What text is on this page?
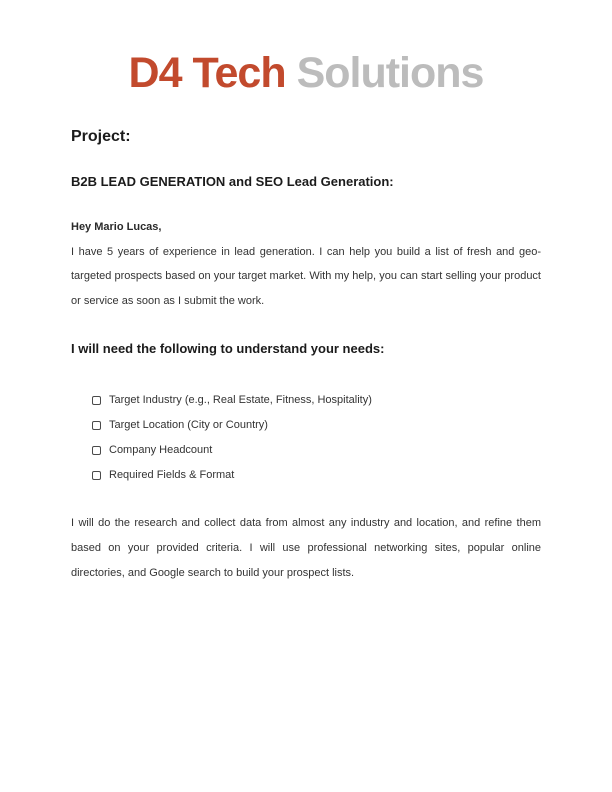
D4 Tech Solutions
Project:
B2B LEAD GENERATION and SEO Lead Generation:
Hey Mario Lucas,

I have 5 years of experience in lead generation. I can help you build a list of fresh and geo-targeted prospects based on your target market. With my help, you can start selling your product or service as soon as I submit the work.

I will need the following to understand your needs:
Target Industry (e.g., Real Estate, Fitness, Hospitality)
Target Location (City or Country)
Company Headcount
Required Fields & Format

I will do the research and collect data from almost any industry and location, and refine them based on your provided criteria. I will use professional networking sites, popular online directories, and Google search to build your prospect lists.
